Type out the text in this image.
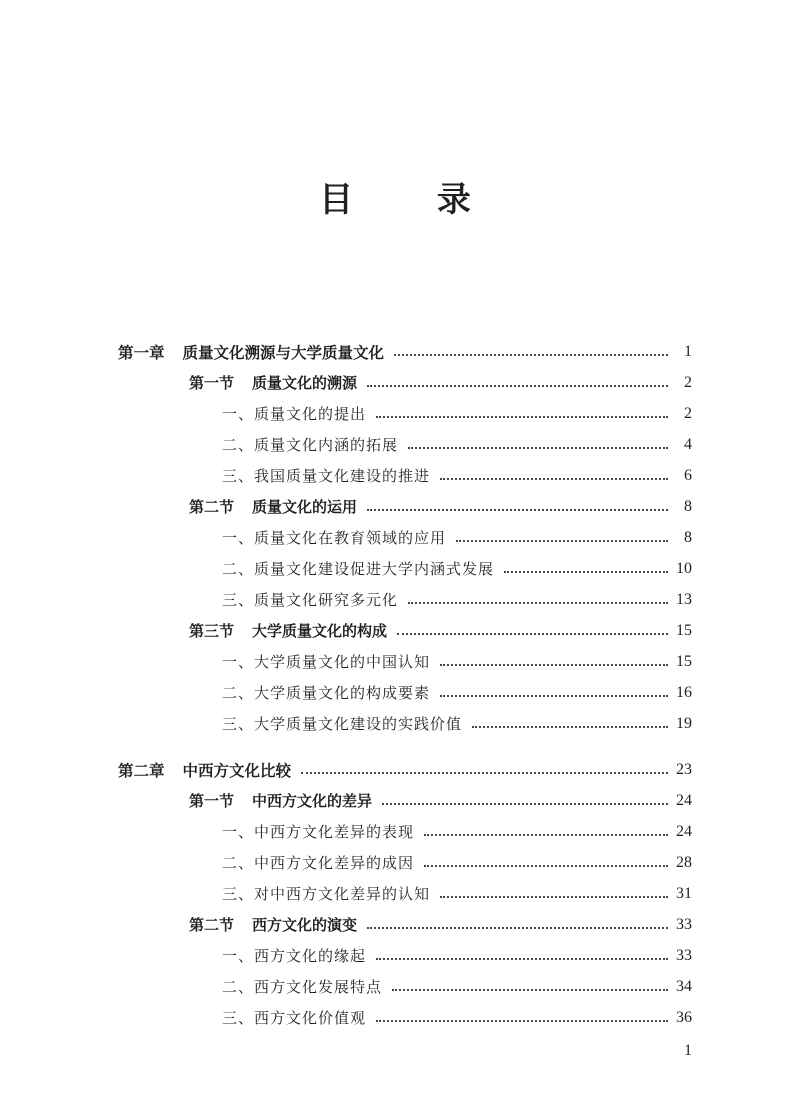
目 录
第一章 质量文化溯源与大学质量文化	1
第一节 质量文化的溯源	2
一、质量文化的提出	2
二、质量文化内涵的拓展	4
三、我国质量文化建设的推进	6
第二节 质量文化的运用	8
一、质量文化在教育领域的应用	8
二、质量文化建设促进大学内涵式发展	10
三、质量文化研究多元化	13
第三节 大学质量文化的构成	15
一、大学质量文化的中国认知	15
二、大学质量文化的构成要素	16
三、大学质量文化建设的实践价值	19
第二章 中西方文化比较	23
第一节 中西方文化的差异	24
一、中西方文化差异的表现	24
二、中西方文化差异的成因	28
三、对中西方文化差异的认知	31
第二节 西方文化的演变	33
一、西方文化的缘起	33
二、西方文化发展特点	34
三、西方文化价值观	36
1
